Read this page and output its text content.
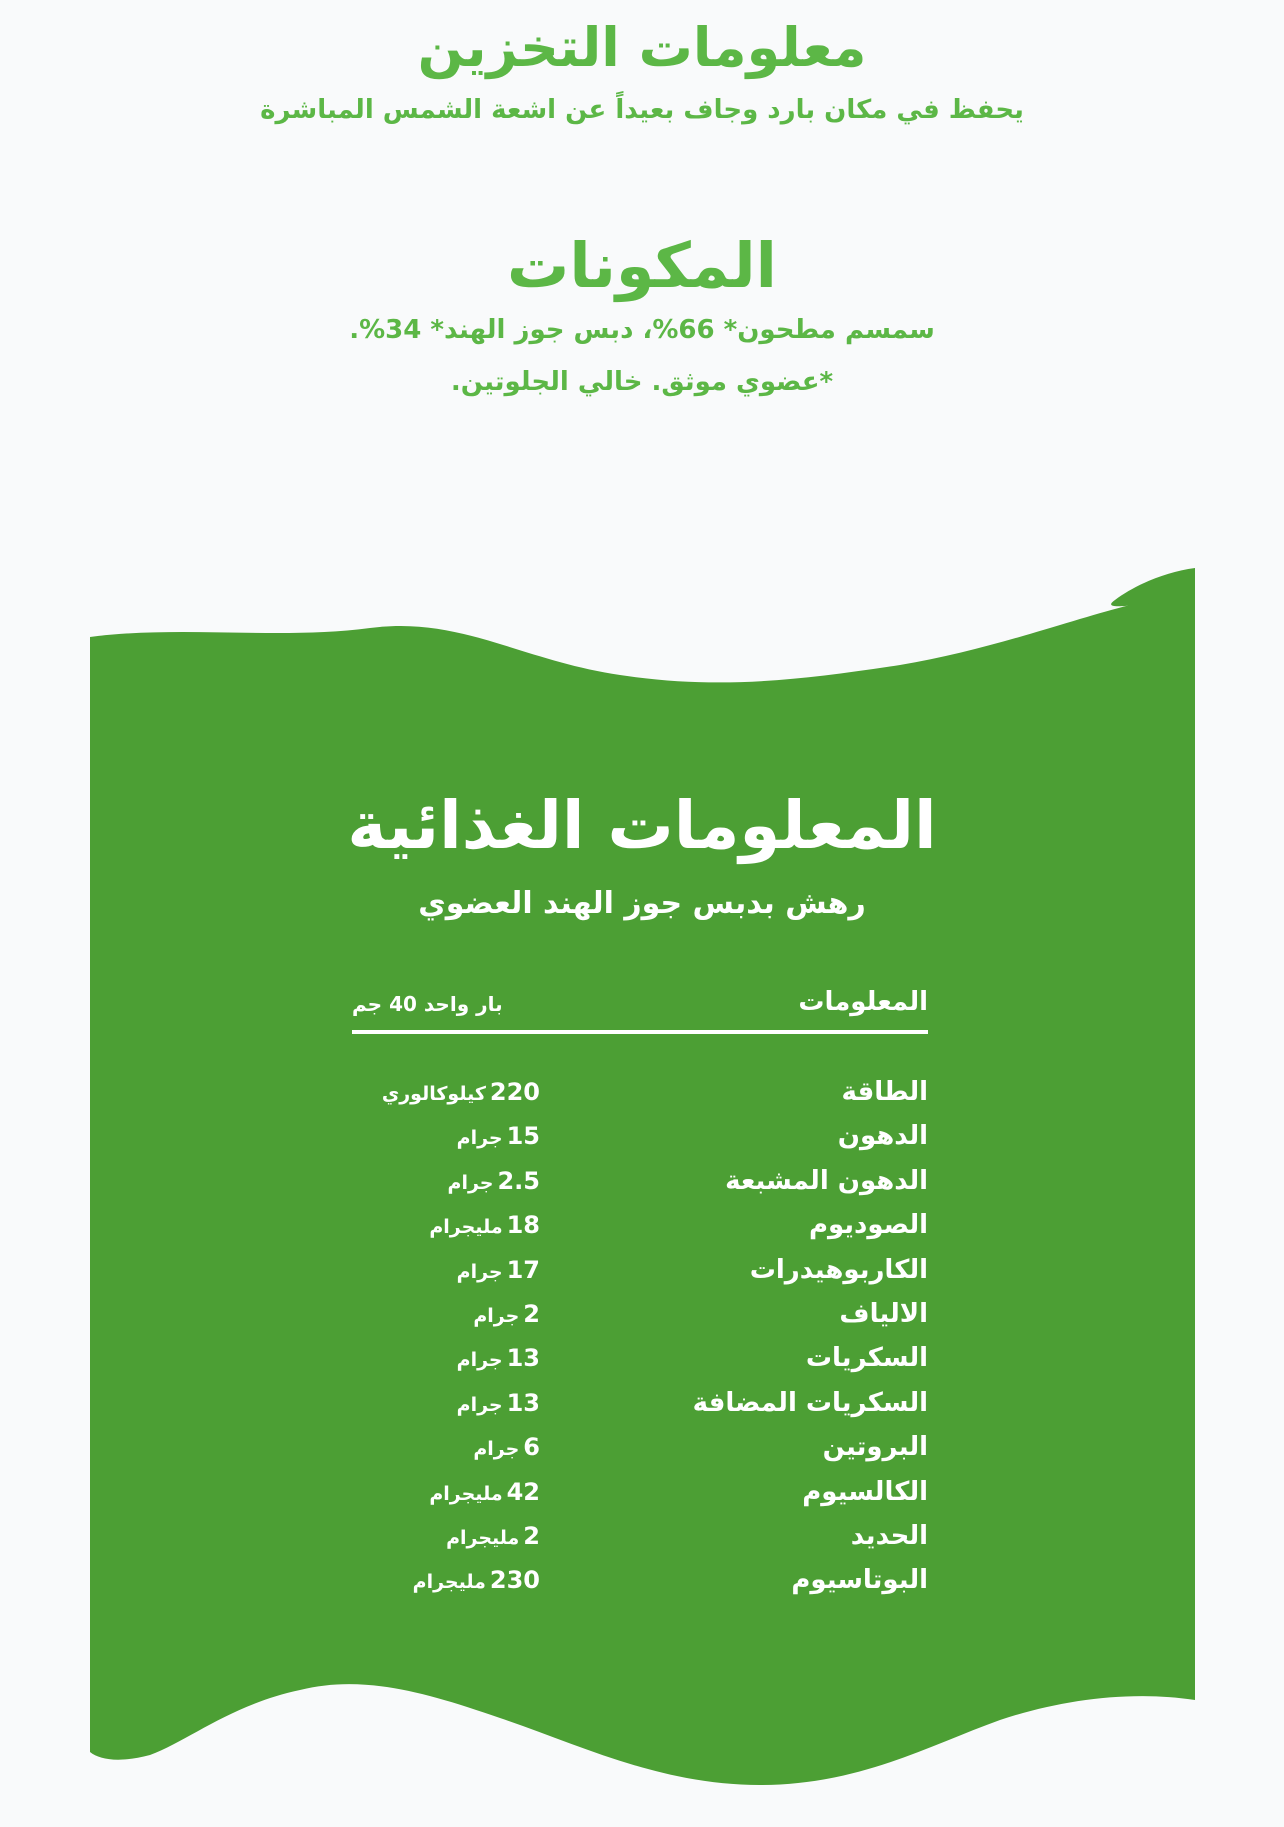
معلومات التخزين
يحفظ في مكان بارد وجاف بعيداً عن اشعة الشمس المباشرة
المكونات
سمسم مطحون* 66%، دبس جوز الهند* 34%.
*عضوي موثق. خالي الجلوتين.
المعلومات الغذائية
رهش بدبس جوز الهند العضوي
المعلومات
بار واحد 40 جم
الطاقة
220كيلوكالوري
الدهون
15جرام
الدهون المشبعة
2.5جرام
الصوديوم
18مليجرام
الكاربوهيدرات
17جرام
الالياف
2جرام
السكريات
13جرام
السكريات المضافة
13جرام
البروتين
6جرام
الكالسيوم
42مليجرام
الحديد
2مليجرام
البوتاسيوم
230مليجرام
